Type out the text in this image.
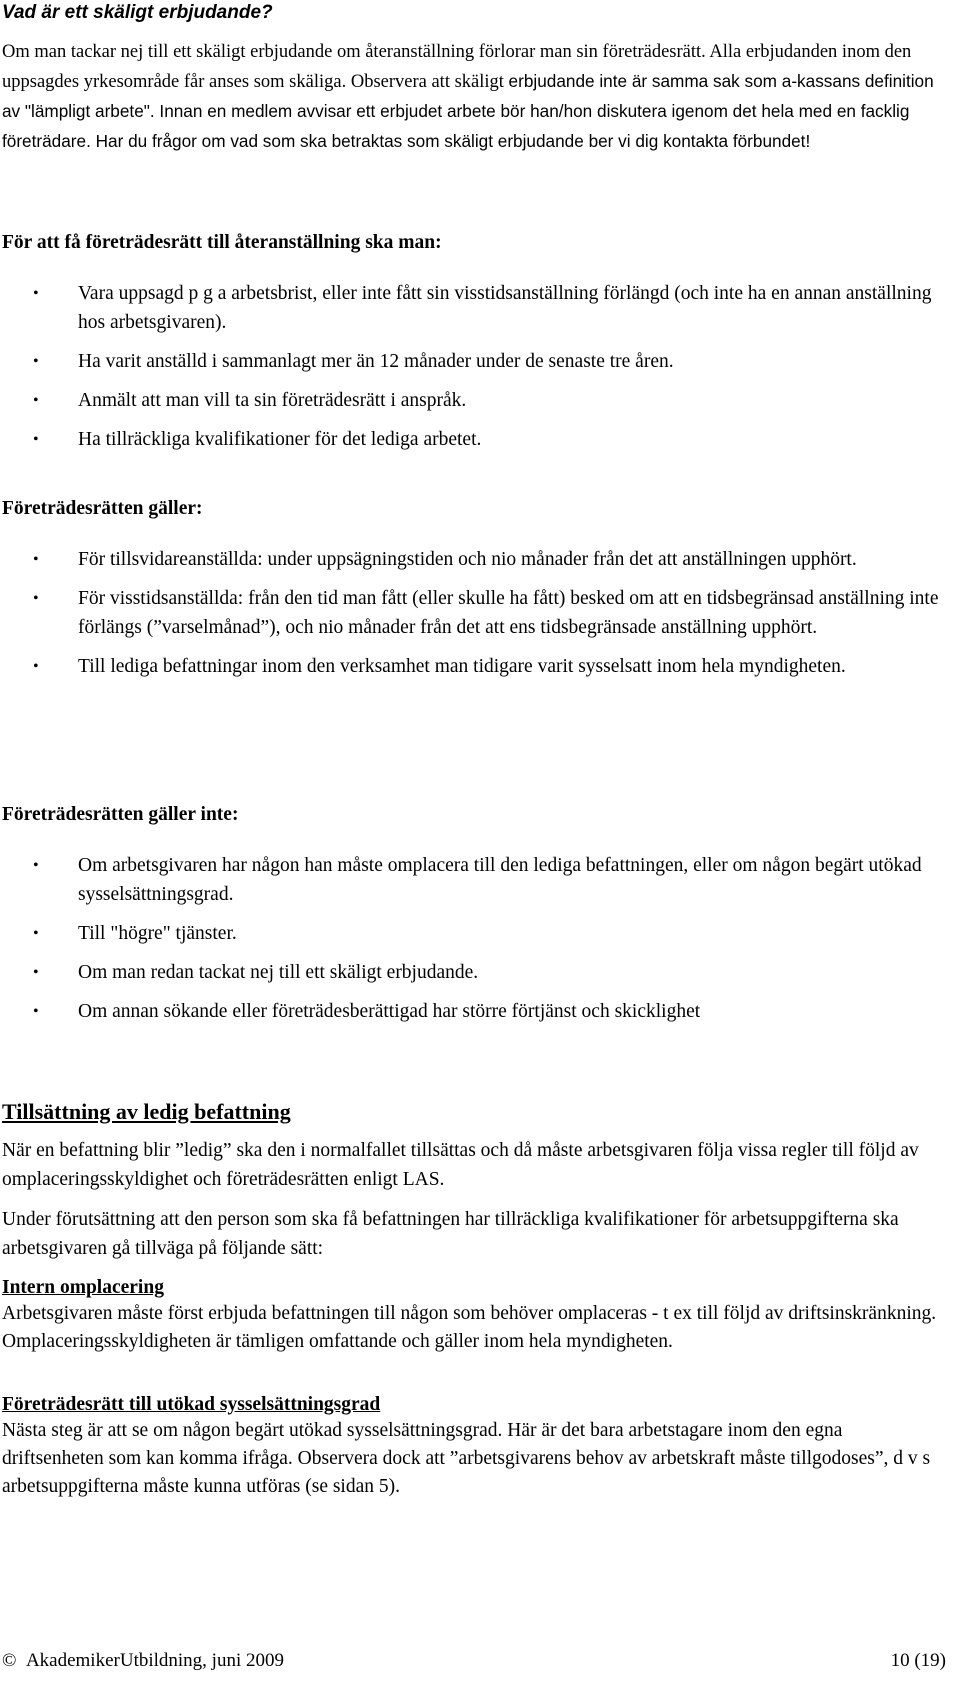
Vad är ett skäligt erbjudande?

Om man tackar nej till ett skäligt erbjudande om återanställning förlorar man sin företrädesrätt. Alla erbjudanden inom den uppsagdes yrkesområde får anses som skäliga. Observera att skäligt erbjudande inte är samma sak som a-kassans definition av "lämpligt arbete". Innan en medlem avvisar ett erbjudet arbete bör han/hon diskutera igenom det hela med en facklig företrädare. Har du frågor om vad som ska betraktas som skäligt erbjudande ber vi dig kontakta förbundet!

För att få företrädesrätt till återanställning ska man:
• Vara uppsagd p g a arbetsbrist, eller inte fått sin visstidsanställning förlängd (och inte ha en annan anställning hos arbetsgivaren).
• Ha varit anställd i sammanlagt mer än 12 månader under de senaste tre åren.
• Anmält att man vill ta sin företrädesrätt i anspråk.
• Ha tillräckliga kvalifikationer för det lediga arbetet.
Företrädesrätten gäller:
• För tillsvidareanställda: under uppsägningstiden och nio månader från det att anställningen upphört.
• För visstidsanställda: från den tid man fått (eller skulle ha fått) besked om att en tidsbegränsad anställning inte förlängs (”varselmånad”), och nio månader från det att ens tidsbegränsade anställning upphört.
• Till lediga befattningar inom den verksamhet man tidigare varit sysselsatt inom hela myndigheten.
Företrädesrätten gäller inte:
• Om arbetsgivaren har någon han måste omplacera till den lediga befattningen, eller om någon begärt utökad sysselsättningsgrad.
• Till "högre" tjänster.
• Om man redan tackat nej till ett skäligt erbjudande.
• Om annan sökande eller företrädesberättigad har större förtjänst och skicklighet
Tillsättning av ledig befattning

När en befattning blir ”ledig” ska den i normalfallet tillsättas och då måste arbetsgivaren följa vissa regler till följd av omplaceringsskyldighet och företrädesrätten enligt LAS.

Under förutsättning att den person som ska få befattningen har tillräckliga kvalifikationer för arbetsuppgifterna ska arbetsgivaren gå tillväga på följande sätt:

Intern omplacering

Arbetsgivaren måste först erbjuda befattningen till någon som behöver omplaceras - t ex till följd av driftsinskränkning. Omplaceringsskyldigheten är tämligen omfattande och gäller inom hela myndigheten.

Företrädesrätt till utökad sysselsättningsgrad

Nästa steg är att se om någon begärt utökad sysselsättningsgrad. Här är det bara arbetstagare inom den egna driftsenheten som kan komma ifråga. Observera dock att ”arbetsgivarens behov av arbetskraft måste tillgodoses”, d v s arbetsuppgifterna måste kunna utföras (se sidan 5).

© AkademikerUtbildning, juni 2009	10 (19)
